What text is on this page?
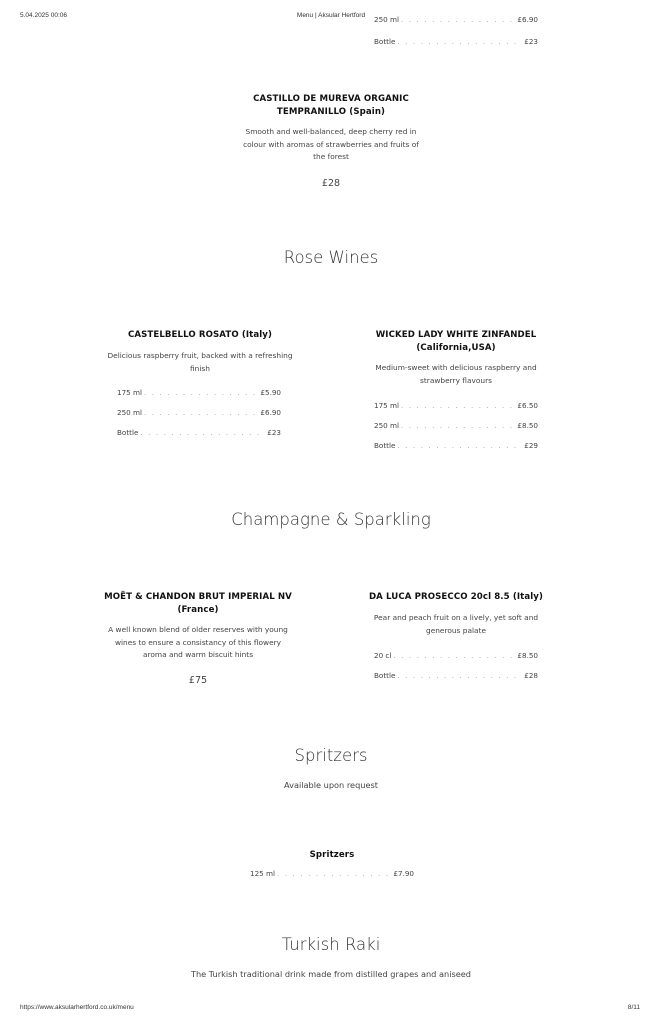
5.04.2025 00:06	Menu | Aksular Hertford	250 ml . . .	£6.90
Bottle . . .	£23
CASTILLO DE MUREVA ORGANIC
TEMPRANILLO (Spain)
Smooth and well-balanced, deep cherry red in
colour with aromas of strawberries and fruits of
the forest
£28
Rose Wines
CASTELBELLO ROSATO (Italy)
Delicious raspberry fruit, backed with a refreshing
finish
175 ml . . .	£5.90
250 ml . . .	£6.90
Bottle . . .	£23
WICKED LADY WHITE ZINFANDEL
(California,USA)
Medium-sweet with delicious raspberry and
strawberry flavours
175 ml . . .	£6.50
250 ml . . .	£8.50
Bottle . . .	£29
Champagne & Sparkling
MOËT & CHANDON BRUT IMPERIAL NV
(France)
A well known blend of older reserves with young
wines to ensure a consistancy of this flowery
aroma and warm biscuit hints
£75
DA LUCA PROSECCO 20cl 8.5 (Italy)
Pear and peach fruit on a lively, yet soft and
generous palate
20 cl . . .	£8.50
Bottle . . .	£28
Spritzers
Available upon request
Spritzers
125 ml . . .	£7.90
Turkish Raki
The Turkish traditional drink made from distilled grapes and aniseed
https://www.aksularhertford.co.uk/menu	8/11
